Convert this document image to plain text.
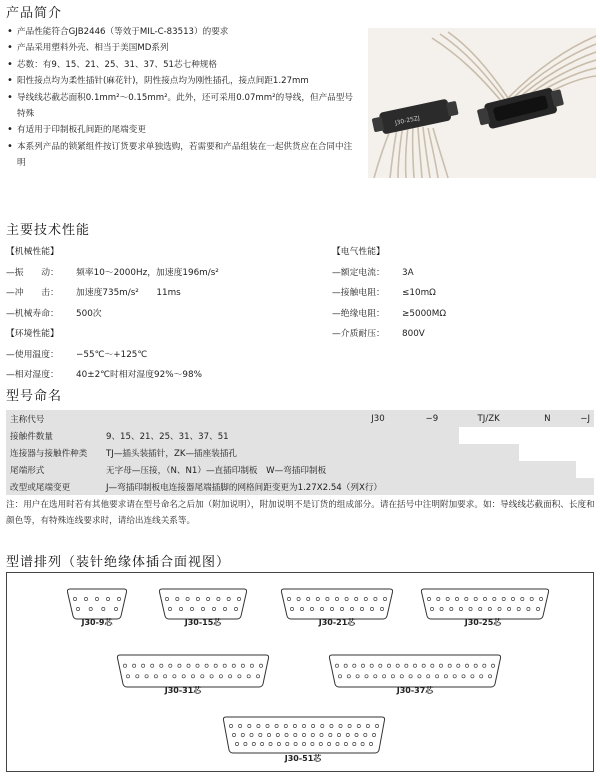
产品简介
• 产品性能符合GJB2446（等效于MIL-C-83513）的要求
• 产品采用塑料外壳、相当于美国MD系列
• 芯数：有9、15、21、25、31、37、51芯七种规格
• 阳性接点均为柔性插针(麻花针)，阴性接点均为刚性插孔，接点间距1.27mm
• 导线线芯截芯面积0.1mm²～0.15mm²。此外，还可采用0.07mm²的导线，但产品型号特殊
• 有适用于印制板孔间距的尾端变更
• 本系列产品的锁紧组件按订货要求单独选购，若需要和产品组装在一起供货应在合同中注明
J30-25ZJ
主要技术性能
【机械性能】
—振　　动： 频率10～2000Hz，加速度196m/s²
—冲　　击： 加速度735m/s²　　11ms
—机械寿命： 500次
【环境性能】
—使用温度： −55℃～+125℃
—相对湿度： 40±2℃时相对湿度92%～98%
【电气性能】
—额定电流： 3A
—接触电阻： ≤10mΩ
—绝缘电阻： ≥5000MΩ
—介质耐压： 800V
型号命名
主称代号	J30	−9	TJ/ZK	N	−J
接触件数量 9、15、21、25、31、37、51					
连接器与接触件种类 TJ—插头装插针，ZK—插座装插孔					
尾端形式 无字母—压接，（N、N1）—直插印制板　W—弯插印制板					
改型或尾端变更 J—弯插印制板电连接器尾端插脚的网格间距变更为1.27X2.54（列X行）					
注：用户在选用时若有其他要求请在型号命名之后加（附加说明），附加说明不是订货的组成部分。请在括号中注明附加要求。如：导线线芯截面积、长度和颜色等，有特殊连线要求时，请给出连线关系等。
型谱排列（装针绝缘体插合面视图）
J30-9芯	J30-15芯	J30-21芯	J30-25芯
J30-31芯	J30-37芯
J30-51芯
